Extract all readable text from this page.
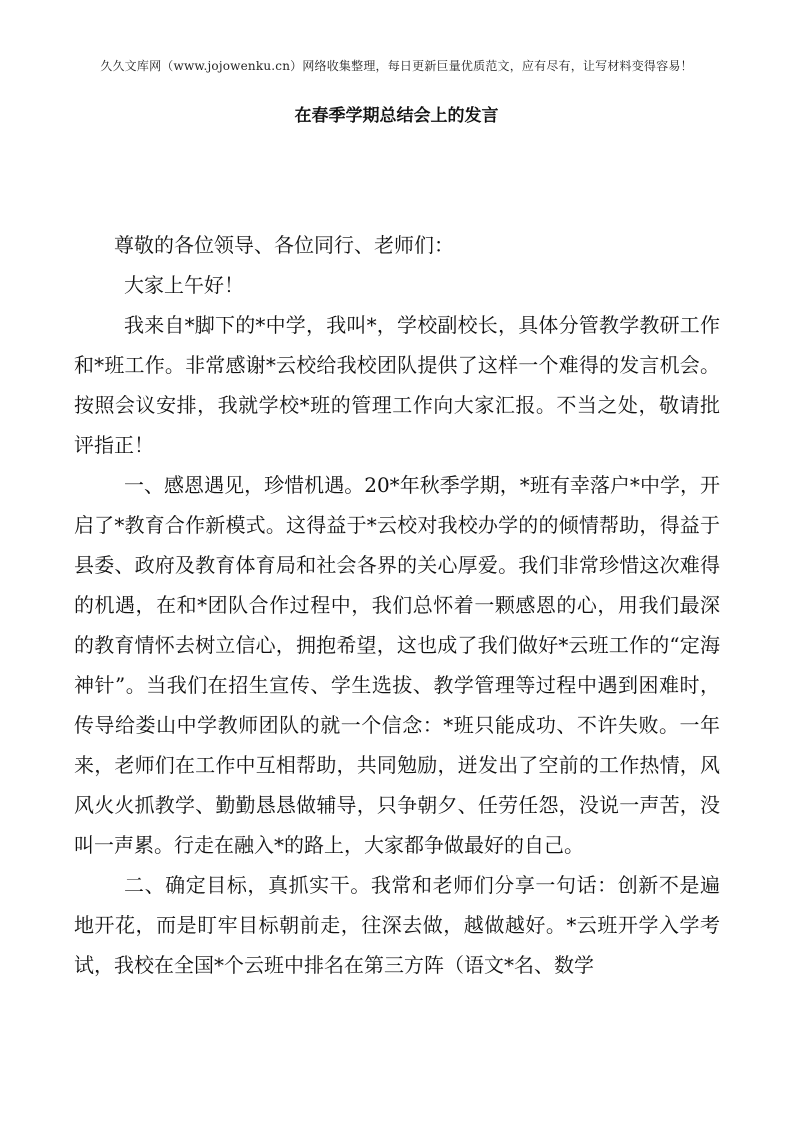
久久文库网（www.jojowenku.cn）网络收集整理，每日更新巨量优质范文，应有尽有，让写材料变得容易！
在春季学期总结会上的发言

尊敬的各位领导、各位同行、老师们：

大家上午好！

我来自*脚下的*中学，我叫*，学校副校长，具体分管教学教研工作和*班工作。非常感谢*云校给我校团队提供了这样一个难得的发言机会。按照会议安排，我就学校*班的管理工作向大家汇报。不当之处，敬请批评指正！

一、感恩遇见，珍惜机遇。20*年秋季学期，*班有幸落户*中学，开启了*教育合作新模式。这得益于*云校对我校办学的的倾情帮助，得益于县委、政府及教育体育局和社会各界的关心厚爱。我们非常珍惜这次难得的机遇，在和*团队合作过程中，我们总怀着一颗感恩的心，用我们最深的教育情怀去树立信心，拥抱希望，这也成了我们做好*云班工作的“定海神针”。当我们在招生宣传、学生选拔、教学管理等过程中遇到困难时，传导给娄山中学教师团队的就一个信念：*班只能成功、不许失败。一年来，老师们在工作中互相帮助，共同勉励，迸发出了空前的工作热情，风风火火抓教学、勤勤恳恳做辅导，只争朝夕、任劳任怨，没说一声苦，没叫一声累。行走在融入*的路上，大家都争做最好的自己。

二、确定目标，真抓实干。我常和老师们分享一句话：创新不是遍地开花，而是盯牢目标朝前走，往深去做，越做越好。*云班开学入学考试，我校在全国*个云班中排名在第三方阵（语文*名、数学
